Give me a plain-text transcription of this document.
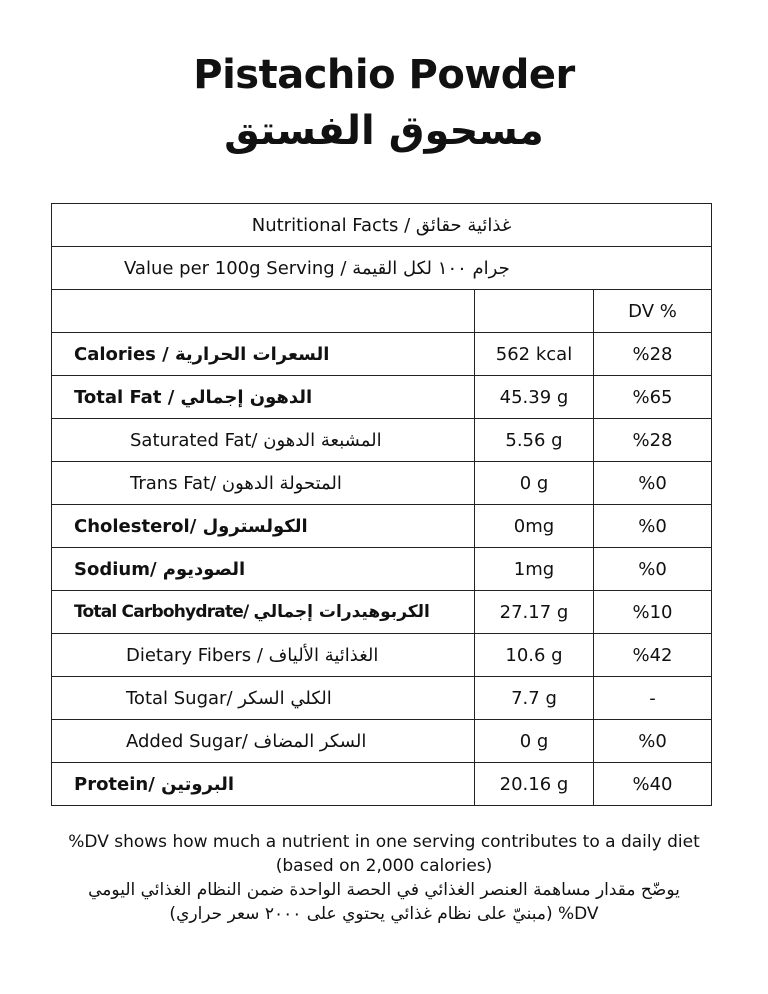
Pistachio Powder
مسحوق الفستق
Nutritional Facts / غذائية حقائق		
Value per 100g Serving / جرام ١٠٠ لكل القيمة		
		DV %
Calories / السعرات الحرارية	562 kcal	%28
Total Fat / الدهون إجمالي	45.39 g	%65
Saturated Fat/ المشبعة الدهون	5.56 g	%28
Trans Fat/ المتحولة الدهون	0 g	%0
Cholesterol/ الكولسترول	0mg	%0
Sodium/ الصوديوم	1mg	%0
Total Carbohydrate/ الكربوهيدرات إجمالي	27.17 g	%10
Dietary Fibers / الغذائية الألياف	10.6 g	%42
Total Sugar/ الكلي السكر	7.7 g	-
Added Sugar/ السكر المضاف	0 g	%0
Protein/ البروتين	20.16 g	%40
%DV shows how much a nutrient in one serving contributes to a daily diet
(based on 2,000 calories)
يوضّح مقدار مساهمة العنصر الغذائي في الحصة الواحدة ضمن النظام الغذائي اليومي
(مبنيّ على نظام غذائي يحتوي على ٢٠٠٠ سعر حراري) %DV
